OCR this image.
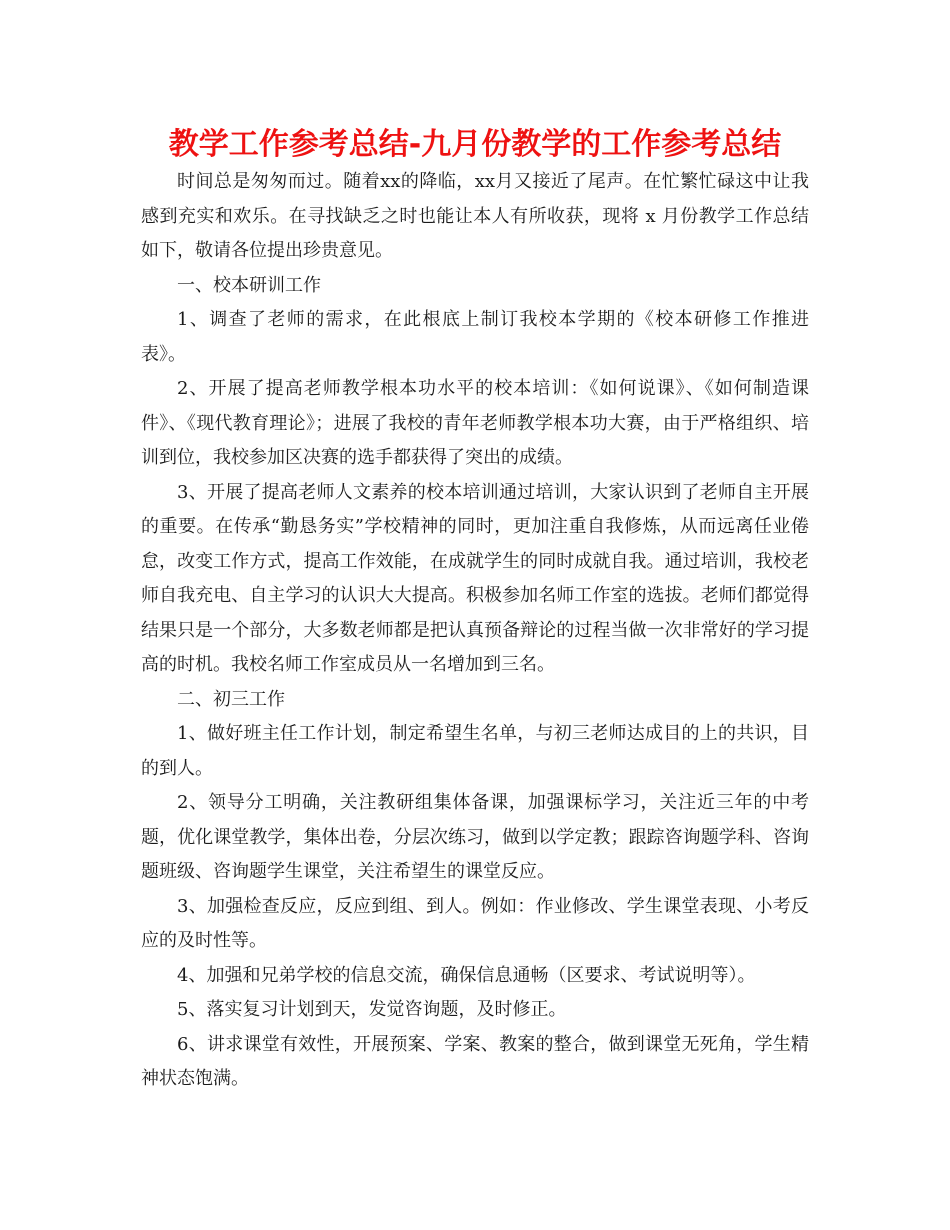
教学工作参考总结-九月份教学的工作参考总结

时间总是匆匆而过。随着xx的降临，xx月又接近了尾声。在忙繁忙碌这中让我感到充实和欢乐。在寻找缺乏之时也能让本人有所收获，现将 x 月份教学工作总结如下，敬请各位提出珍贵意见。

一、校本研训工作

1、调查了老师的需求，在此根底上制订我校本学期的《校本研修工作推进表》。

2、开展了提高老师教学根本功水平的校本培训：《如何说课》、《如何制造课件》、《现代教育理论》；进展了我校的青年老师教学根本功大赛，由于严格组织、培训到位，我校参加区决赛的选手都获得了突出的成绩。

3、开展了提高老师人文素养的校本培训通过培训，大家认识到了老师自主开展的重要。在传承“勤恳务实”学校精神的同时，更加注重自我修炼，从而远离任业倦怠，改变工作方式，提高工作效能，在成就学生的同时成就自我。通过培训，我校老师自我充电、自主学习的认识大大提高。积极参加名师工作室的选拔。老师们都觉得结果只是一个部分，大多数老师都是把认真预备辩论的过程当做一次非常好的学习提高的时机。我校名师工作室成员从一名增加到三名。

二、初三工作

1、做好班主任工作计划，制定希望生名单，与初三老师达成目的上的共识，目的到人。

2、领导分工明确，关注教研组集体备课，加强课标学习，关注近三年的中考题，优化课堂教学，集体出卷，分层次练习，做到以学定教；跟踪咨询题学科、咨询题班级、咨询题学生课堂，关注希望生的课堂反应。

3、加强检查反应，反应到组、到人。例如：作业修改、学生课堂表现、小考反应的及时性等。

4、加强和兄弟学校的信息交流，确保信息通畅（区要求、考试说明等）。

5、落实复习计划到天，发觉咨询题，及时修正。

6、讲求课堂有效性，开展预案、学案、教案的整合，做到课堂无死角，学生精神状态饱满。
